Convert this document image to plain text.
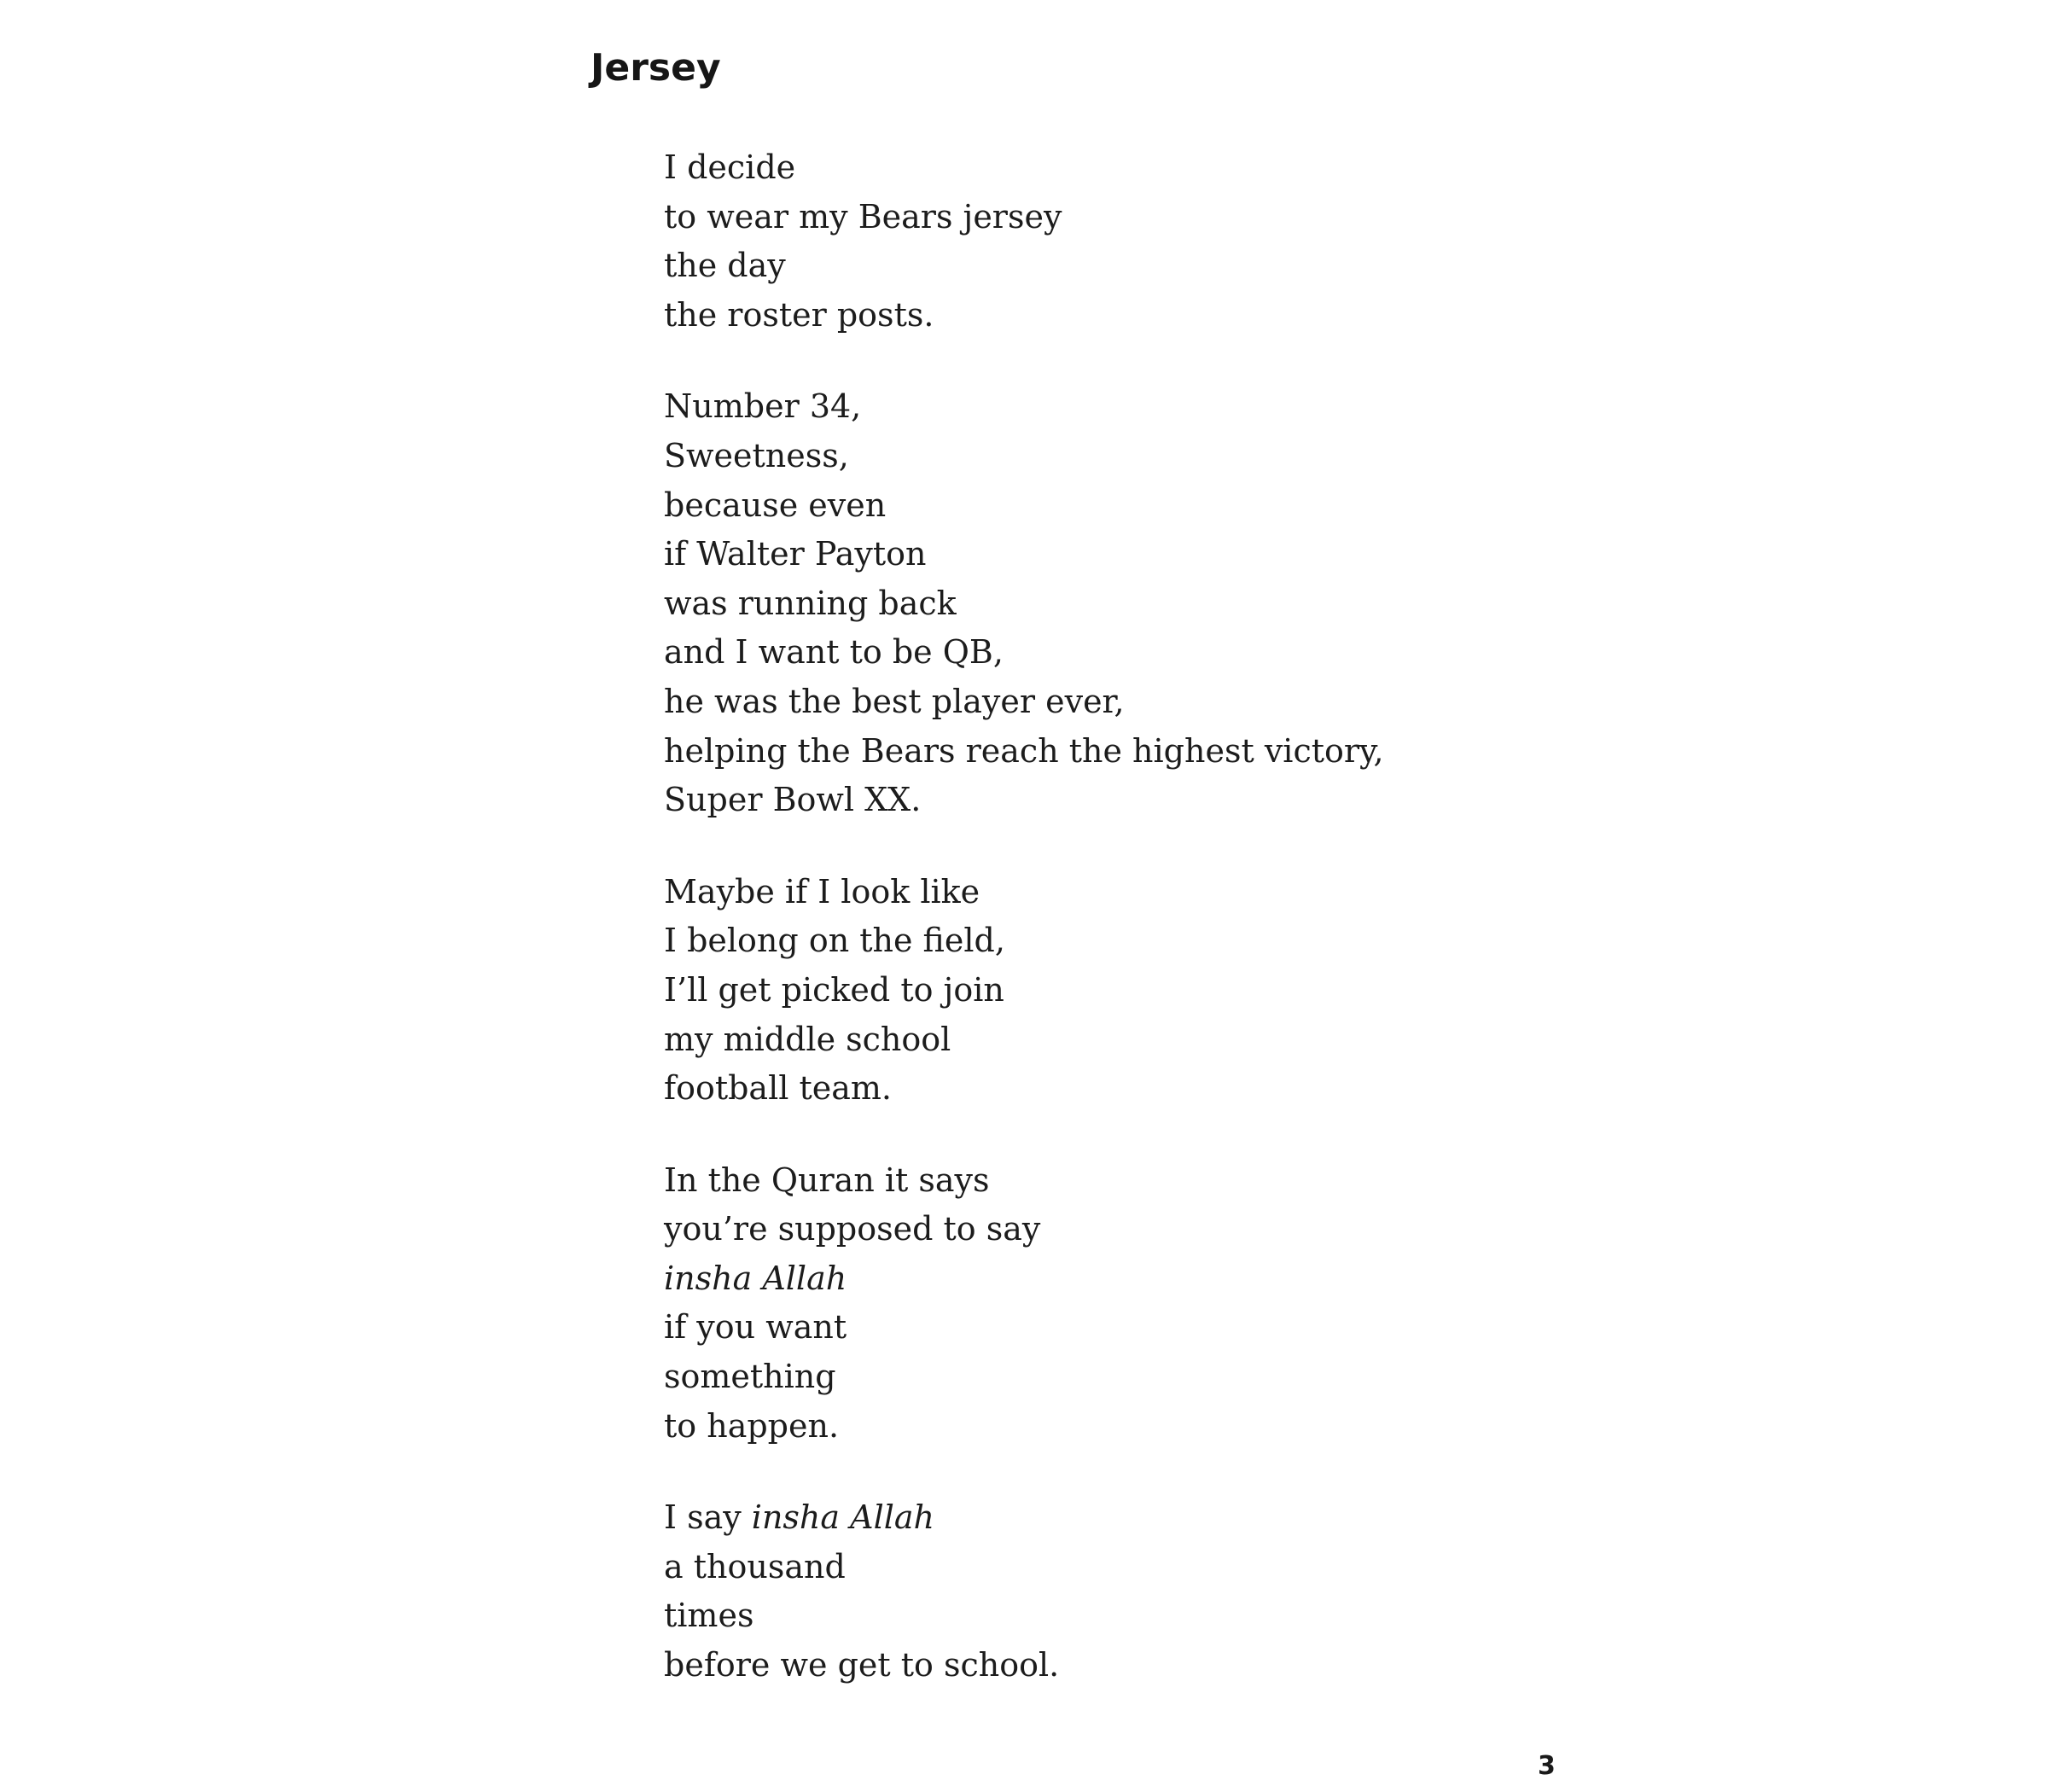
Jersey
I decide
to wear my Bears jersey
the day
the roster posts.
Number 34,
Sweetness,
because even
if Walter Payton
was running back
and I want to be QB,
he was the best player ever,
helping the Bears reach the highest victory,
Super Bowl XX.
Maybe if I look like
I belong on the field,
I’ll get picked to join
my middle school
football team.
In the Quran it says
you’re supposed to say
insha Allah
if you want
something
to happen.
I say insha Allah
a thousand
times
before we get to school.
3
